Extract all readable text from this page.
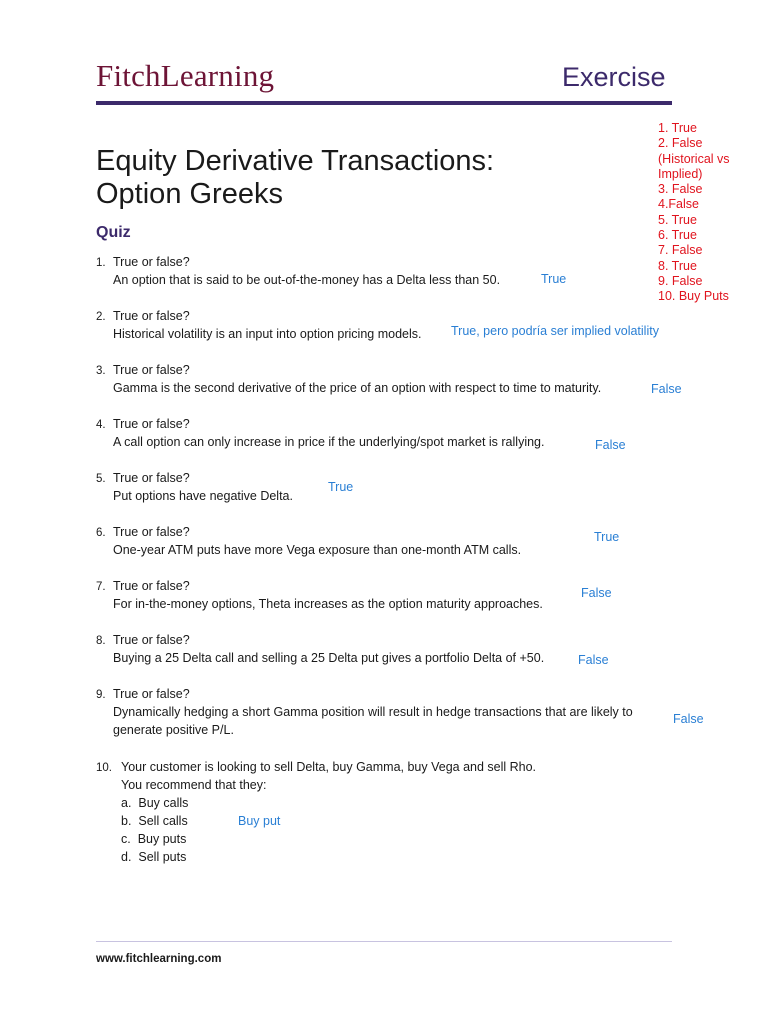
FitchLearning	Exercise
1. True
2. False
(Historical vs
Implied)
3. False
4.False
5. True
6. True
7. False
8. True
9. False
10. Buy Puts
Equity Derivative Transactions:
Option Greeks
Quiz
1. True or false?
An option that is said to be out-of-the-money has a Delta less than 50.	True
2. True or false?
Historical volatility is an input into option pricing models. True, pero podría ser implied volatility
3. True or false?
Gamma is the second derivative of the price of an option with respect to time to maturity.	False
4. True or false?
A call option can only increase in price if the underlying/spot market is rallying.	False
5. True or false?
Put options have negative Delta.
True
6. True or false?
One-year ATM puts have more Vega exposure than one-month ATM calls.
True
7. True or false?
For in-the-money options, Theta increases as the option maturity approaches.
False
8. True or false?
Buying a 25 Delta call and selling a 25 Delta put gives a portfolio Delta of +50.	False
9. True or false?
Dynamically hedging a short Gamma position will result in hedge transactions that are likely to
generate positive P/L.
False
10. Your customer is looking to sell Delta, buy Gamma, buy Vega and sell Rho.
You recommend that they:
a. Buy calls
b. Sell calls
c. Buy puts
d. Sell puts
Buy put
www.fitchlearning.com
